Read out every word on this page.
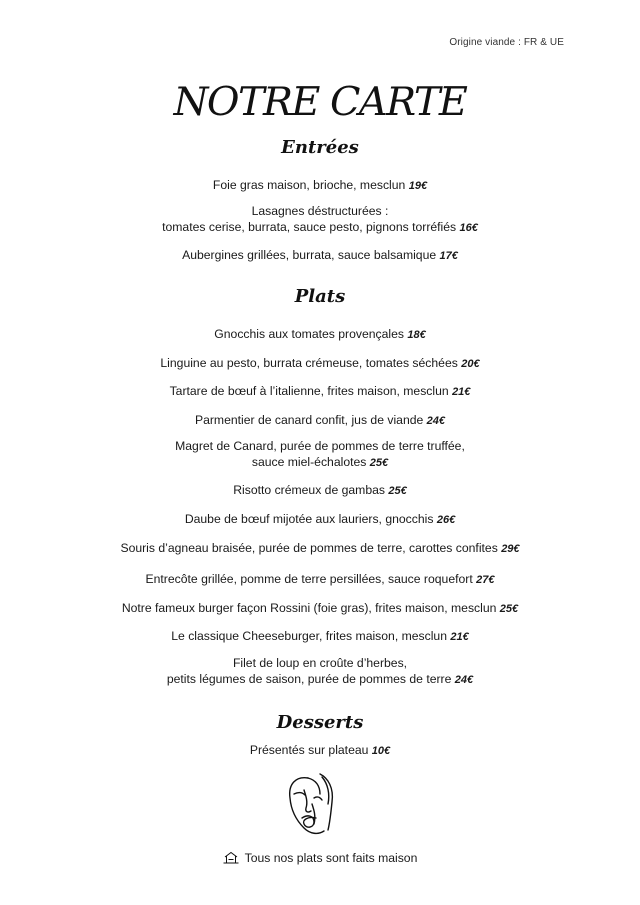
Origine viande : FR & UE
NOTRE CARTE
Entrées
Foie gras maison, brioche, mesclun 19€
Lasagnes déstructurées :
tomates cerise, burrata, sauce pesto, pignons torréfiés 16€
Aubergines grillées, burrata, sauce balsamique 17€
Plats
Gnocchis aux tomates provençales 18€
Linguine au pesto, burrata crémeuse, tomates séchées 20€
Tartare de bœuf à l’italienne, frites maison, mesclun 21€
Parmentier de canard confit, jus de viande 24€
Magret de Canard, purée de pommes de terre truffée,
sauce miel-échalotes 25€
Risotto crémeux de gambas 25€
Daube de bœuf mijotée aux lauriers, gnocchis 26€
Souris d’agneau braisée, purée de pommes de terre, carottes confites 29€
Entrecôte grillée, pomme de terre persillées, sauce roquefort 27€
Notre fameux burger façon Rossini (foie gras), frites maison, mesclun 25€
Le classique Cheeseburger, frites maison, mesclun 21€
Filet de loup en croûte d’herbes,
petits légumes de saison, purée de pommes de terre 24€
Desserts
Présentés sur plateau 10€
Tous nos plats sont faits maison
